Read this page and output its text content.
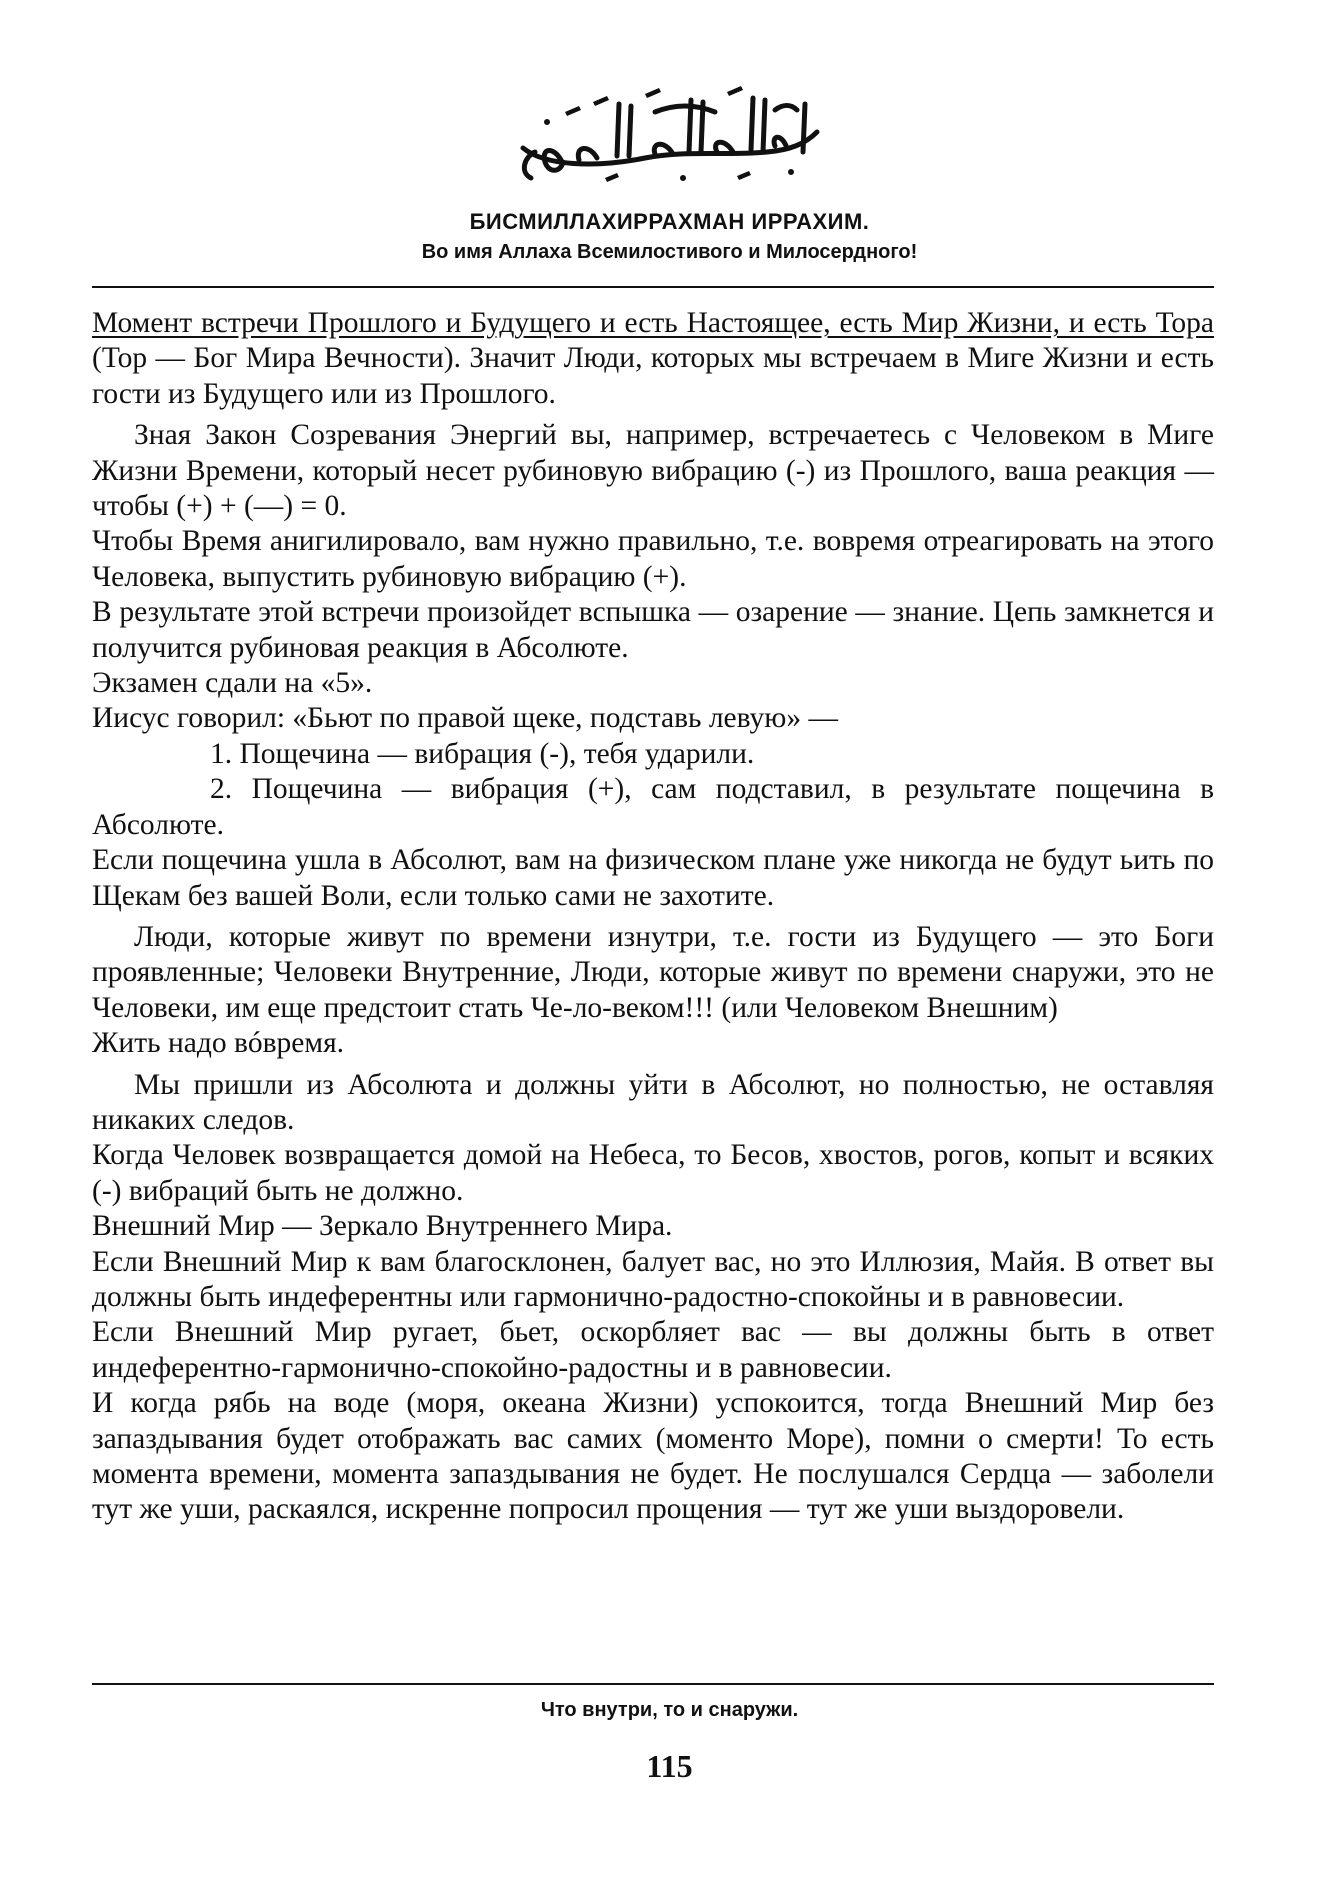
БИСМИЛЛАХИРРАХМАН ИРРАХИМ.
Во имя Аллаха Всемилостивого и Милосердного!

Момент встречи Прошлого и Будущего и есть Настоящее, есть Мир Жизни, и есть Тора (Тор — Бог Мира Вечности). Значит Люди, которых мы встречаем в Миге Жизни и есть гости из Будущего или из Прошлого.

Зная Закон Созревания Энергий вы, например, встречаетесь с Человеком в Миге Жизни Времени, который несет рубиновую вибрацию (-) из Прошлого, ваша реакция — чтобы (+) + (—) = 0.

Чтобы Время анигилировало, вам нужно правильно, т.е. вовремя отреагировать на этого Человека, выпустить рубиновую вибрацию (+).

В результате этой встречи произойдет вспышка — озарение — знание. Цепь замкнется и получится рубиновая реакция в Абсолюте.

Экзамен сдали на «5».

Иисус говорил: «Бьют по правой щеке, подставь левую» —

1. Пощечина — вибрация (-), тебя ударили.

2. Пощечина — вибрация (+), сам подставил, в результате пощечина в Абсолюте.

Если пощечина ушла в Абсолют, вам на физическом плане уже никогда не будут ьить по Щекам без вашей Воли, если только сами не захотите.

Люди, которые живут по времени изнутри, т.е. гости из Будущего — это Боги проявленные; Человеки Внутренние, Люди, которые живут по времени снаружи, это не Человеки, им еще предстоит стать Че-ло-веком!!! (или Человеком Внешним)

Жить надо вóвремя.

Мы пришли из Абсолюта и должны уйти в Абсолют, но полностью, не оставляя никаких следов.

Когда Человек возвращается домой на Небеса, то Бесов, хвостов, рогов, копыт и всяких (-) вибраций быть не должно.

Внешний Мир — Зеркало Внутреннего Мира.

Если Внешний Мир к вам благосклонен, балует вас, но это Иллюзия, Майя. В ответ вы должны быть индеферентны или гармонично-радостно-спокойны и в равновесии.

Если Внешний Мир ругает, бьет, оскорбляет вас — вы должны быть в ответ индеферентно-гармонично-спокойно-радостны и в равновесии.

И когда рябь на воде (моря, океана Жизни) успокоится, тогда Внешний Мир без запаздывания будет отображать вас самих (моменто Море), помни о смерти! То есть момента времени, момента запаздывания не будет. Не послушался Сердца — заболели тут же уши, раскаялся, искренне попросил прощения — тут же уши выздоровели.

Что внутри, то и снаружи.
115
